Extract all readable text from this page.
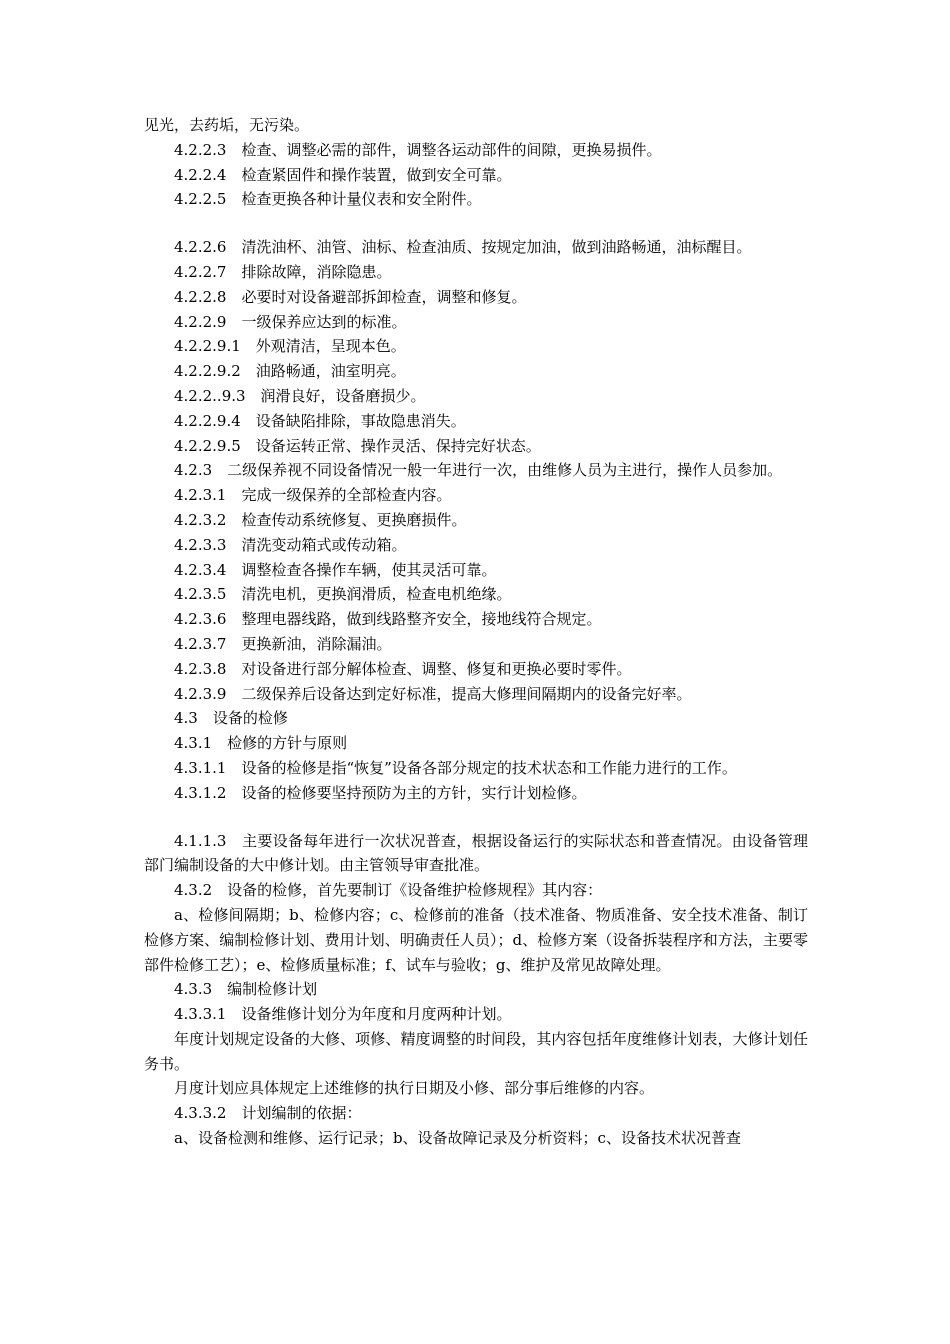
见光，去药垢，无污染。

4.2.2.3　检查、调整必需的部件，调整各运动部件的间隙，更换易损件。

4.2.2.4　检查紧固件和操作装置，做到安全可靠。

4.2.2.5　检查更换各种计量仪表和安全附件。

4.2.2.6　清洗油杯、油管、油标、检查油质、按规定加油，做到油路畅通，油标醒目。

4.2.2.7　排除故障，消除隐患。

4.2.2.8　必要时对设备避部拆卸检查，调整和修复。

4.2.2.9　一级保养应达到的标准。

4.2.2.9.1　外观清洁，呈现本色。

4.2.2.9.2　油路畅通，油室明亮。

4.2.2..9.3　润滑良好，设备磨损少。

4.2.2.9.4　设备缺陷排除，事故隐患消失。

4.2.2.9.5　设备运转正常、操作灵活、保持完好状态。

4.2.3　二级保养视不同设备情况一般一年进行一次，由维修人员为主进行，操作人员参加。

4.2.3.1　完成一级保养的全部检查内容。

4.2.3.2　检查传动系统修复、更换磨损件。

4.2.3.3　清洗变动箱式或传动箱。

4.2.3.4　调整检查各操作车辆，使其灵活可靠。

4.2.3.5　清洗电机，更换润滑质，检查电机绝缘。

4.2.3.6　整理电器线路，做到线路整齐安全，接地线符合规定。

4.2.3.7　更换新油，消除漏油。

4.2.3.8　对设备进行部分解体检查、调整、修复和更换必要时零件。

4.2.3.9　二级保养后设备达到定好标准，提高大修理间隔期内的设备完好率。

4.3　设备的检修

4.3.1　检修的方针与原则

4.3.1.1　设备的检修是指“恢复”设备各部分规定的技术状态和工作能力进行的工作。

4.3.1.2　设备的检修要坚持预防为主的方针，实行计划检修。

4.1.1.3　主要设备每年进行一次状况普查，根据设备运行的实际状态和普查情况。由设备管理部门编制设备的大中修计划。由主管领导审查批准。

4.3.2　设备的检修，首先要制订《设备维护检修规程》其内容：

a、检修间隔期；b、检修内容；c、检修前的准备（技术准备、物质准备、安全技术准备、制订检修方案、编制检修计划、费用计划、明确责任人员）；d、检修方案（设备拆装程序和方法，主要零部件检修工艺）；e、检修质量标准；f、试车与验收；g、维护及常见故障处理。

4.3.3　编制检修计划

4.3.3.1　设备维修计划分为年度和月度两种计划。

年度计划规定设备的大修、项修、精度调整的时间段，其内容包括年度维修计划表，大修计划任务书。

月度计划应具体规定上述维修的执行日期及小修、部分事后维修的内容。

4.3.3.2　计划编制的依据：

a、设备检测和维修、运行记录；b、设备故障记录及分析资料；c、设备技术状况普查
